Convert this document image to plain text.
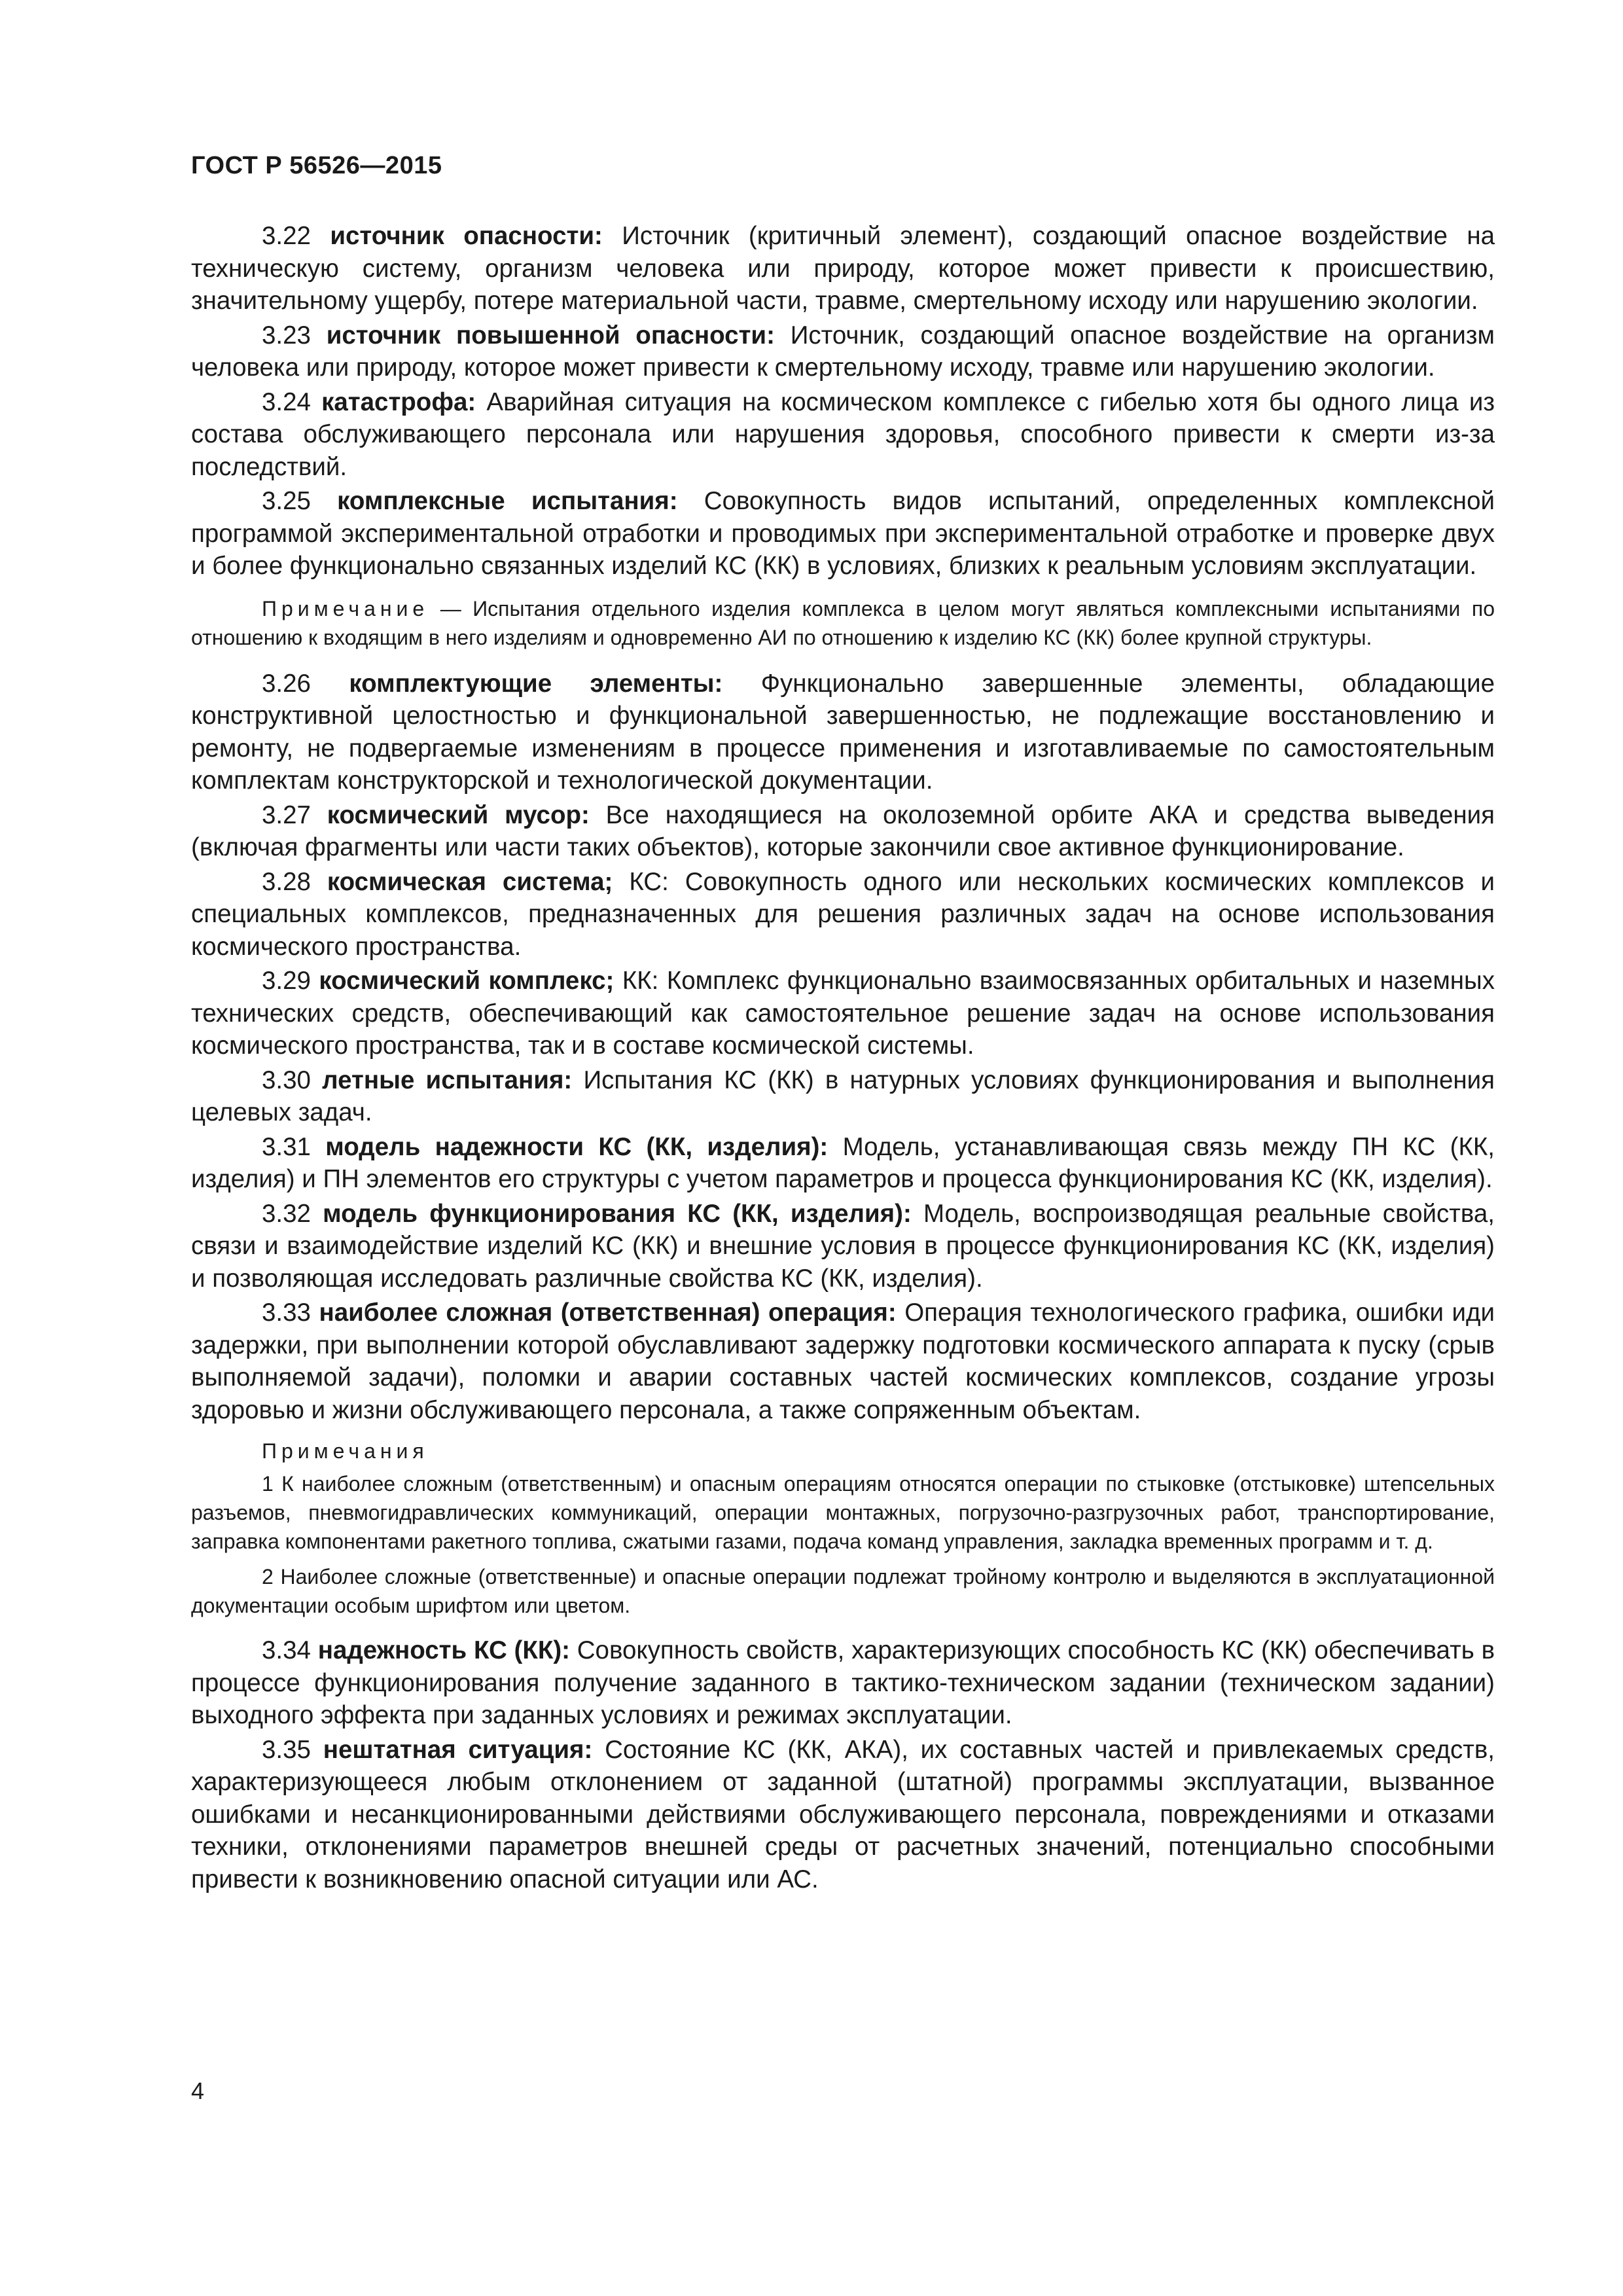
ГОСТ Р 56526—2015

3.22 источник опасности: Источник (критичный элемент), создающий опасное воздействие на техническую систему, организм человека или природу, которое может привести к происшествию, значительному ущербу, потере материальной части, травме, смертельному исходу или нарушению экологии.

3.23 источник повышенной опасности: Источник, создающий опасное воздействие на организм человека или природу, которое может привести к смертельному исходу, травме или нарушению экологии.

3.24 катастрофа: Аварийная ситуация на космическом комплексе с гибелью хотя бы одного лица из состава обслуживающего персонала или нарушения здоровья, способного привести к смерти из-за последствий.

3.25 комплексные испытания: Совокупность видов испытаний, определенных комплексной программой экспериментальной отработки и проводимых при экспериментальной отработке и проверке двух и более функционально связанных изделий КС (КК) в условиях, близких к реальным условиям эксплуатации.

Примечание — Испытания отдельного изделия комплекса в целом могут являться комплексными испытаниями по отношению к входящим в него изделиям и одновременно АИ по отношению к изделию КС (КК) более крупной структуры.

3.26 комплектующие элементы: Функционально завершенные элементы, обладающие конструктивной целостностью и функциональной завершенностью, не подлежащие восстановлению и ремонту, не подвергаемые изменениям в процессе применения и изготавливаемые по самостоятельным комплектам конструкторской и технологической документации.

3.27 космический мусор: Все находящиеся на околоземной орбите АКА и средства выведения (включая фрагменты или части таких объектов), которые закончили свое активное функционирование.

3.28 космическая система; КС: Совокупность одного или нескольких космических комплексов и специальных комплексов, предназначенных для решения различных задач на основе использования космического пространства.

3.29 космический комплекс; КК: Комплекс функционально взаимосвязанных орбитальных и наземных технических средств, обеспечивающий как самостоятельное решение задач на основе использования космического пространства, так и в составе космической системы.

3.30 летные испытания: Испытания КС (КК) в натурных условиях функционирования и выполнения целевых задач.

3.31 модель надежности КС (КК, изделия): Модель, устанавливающая связь между ПН КС (КК, изделия) и ПН элементов его структуры с учетом параметров и процесса функционирования КС (КК, изделия).

3.32 модель функционирования КС (КК, изделия): Модель, воспроизводящая реальные свойства, связи и взаимодействие изделий КС (КК) и внешние условия в процессе функционирования КС (КК, изделия) и позволяющая исследовать различные свойства КС (КК, изделия).

3.33 наиболее сложная (ответственная) операция: Операция технологического графика, ошибки иди задержки, при выполнении которой обуславливают задержку подготовки космического аппарата к пуску (срыв выполняемой задачи), поломки и аварии составных частей космических комплексов, создание угрозы здоровью и жизни обслуживающего персонала, а также сопряженным объектам.

Примечания

1 К наиболее сложным (ответственным) и опасным операциям относятся операции по стыковке (отстыковке) штепсельных разъемов, пневмогидравлических коммуникаций, операции монтажных, погрузочно-разгрузочных работ, транспортирование, заправка компонентами ракетного топлива, сжатыми газами, подача команд управления, закладка временных программ и т. д.

2 Наиболее сложные (ответственные) и опасные операции подлежат тройному контролю и выделяются в эксплуатационной документации особым шрифтом или цветом.

3.34 надежность КС (КК): Совокупность свойств, характеризующих способность КС (КК) обеспечивать в процессе функционирования получение заданного в тактико-техническом задании (техническом задании) выходного эффекта при заданных условиях и режимах эксплуатации.

3.35 нештатная ситуация: Состояние КС (КК, АКА), их составных частей и привлекаемых средств, характеризующееся любым отклонением от заданной (штатной) программы эксплуатации, вызванное ошибками и несанкционированными действиями обслуживающего персонала, повреждениями и отказами техники, отклонениями параметров внешней среды от расчетных значений, потенциально способными привести к возникновению опасной ситуации или АС.

4
